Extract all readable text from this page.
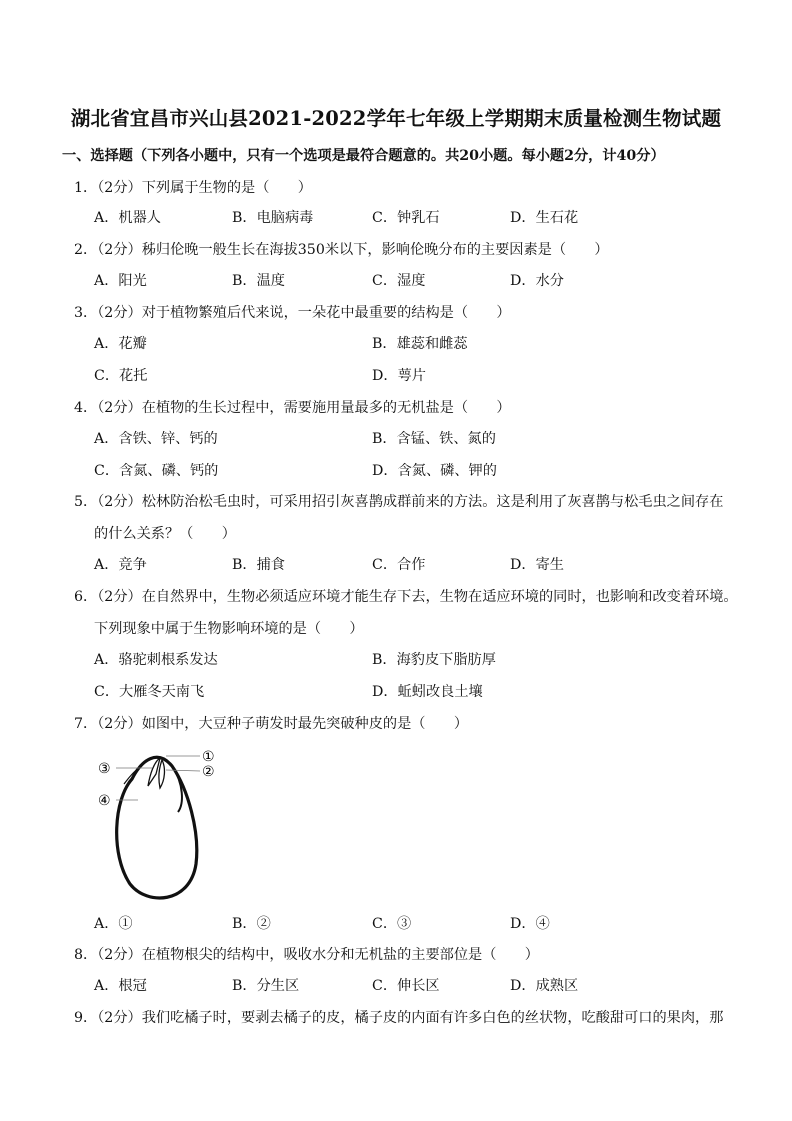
湖北省宜昌市兴山县2021-2022学年七年级上学期期末质量检测生物试题
一、选择题（下列各小题中，只有一个选项是最符合题意的。共20小题。每小题2分，计40分）
1．（2分）下列属于生物的是（　　）
A．机器人	B．电脑病毒	C．钟乳石	D．生石花
2．（2分）秭归伦晚一般生长在海拔350米以下，影响伦晚分布的主要因素是（　　）
A．阳光	B．温度	C．湿度	D．水分
3．（2分）对于植物繁殖后代来说，一朵花中最重要的结构是（　　）
A．花瓣	B．雄蕊和雌蕊
C．花托	D．萼片
4．（2分）在植物的生长过程中，需要施用量最多的无机盐是（　　）
A．含铁、锌、钙的	B．含锰、铁、氮的
C．含氮、磷、钙的	D．含氮、磷、钾的
5．（2分）松林防治松毛虫时，可采用招引灰喜鹊成群前来的方法。这是利用了灰喜鹊与松毛虫之间存在
的什么关系？（　　）
A．竞争	B．捕食	C．合作	D．寄生
6．（2分）在自然界中，生物必须适应环境才能生存下去，生物在适应环境的同时，也影响和改变着环境。
下列现象中属于生物影响环境的是（　　）
A．骆驼刺根系发达	B．海豹皮下脂肪厚
C．大雁冬天南飞	D．蚯蚓改良土壤
7．（2分）如图中，大豆种子萌发时最先突破种皮的是（　　）
①
②
③
④
A．①	B．②	C．③	D．④
8．（2分）在植物根尖的结构中，吸收水分和无机盐的主要部位是（　　）
A．根冠	B．分生区	C．伸长区	D．成熟区
9．（2分）我们吃橘子时，要剥去橘子的皮，橘子皮的内面有许多白色的丝状物，吃酸甜可口的果肉，那
